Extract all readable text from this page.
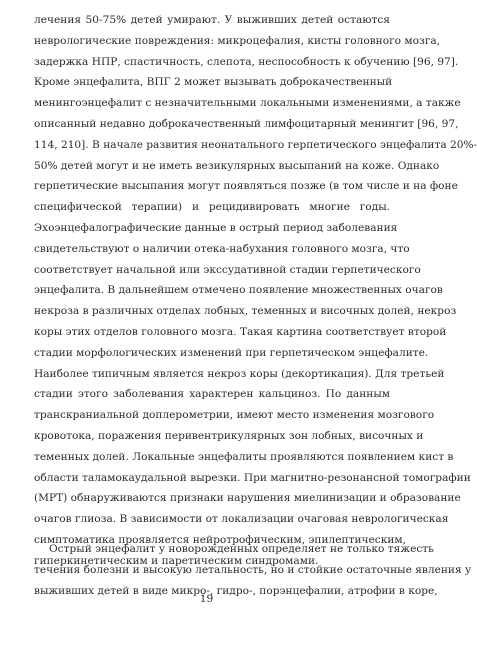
лечения 50-75% детей умирают. У выживших детей остаются
неврологические повреждения: микроцефалия, кисты головного мозга,
задержка НПР, спастичность, слепота, неспособность к обучению [96, 97].
Кроме энцефалита, ВПГ 2 может вызывать доброкачественный
менингоэнцефалит с незначительными локальными изменениями, а также
описанный недавно доброкачественный лимфоцитарный менингит [96, 97,
114, 210]. В начале развития неонатального герпетического энцефалита 20%-
50% детей могут и не иметь везикулярных высыпаний на коже. Однако
герпетические высыпания могут появляться позже (в том числе и на фоне
специфической терапии) и рецидивировать многие годы.
Эхоэнцефалографические данные в острый период заболевания
свидетельствуют о наличии отека-набухания головного мозга, что
соответствует начальной или экссудативной стадии герпетического
энцефалита. В дальнейшем отмечено появление множественных очагов
некроза в различных отделах лобных, теменных и височных долей, некроз
коры этих отделов головного мозга. Такая картина соответствует второй
стадии морфологических изменений при герпетическом энцефалите.
Наиболее типичным является некроз коры (декортикация). Для третьей
стадии этого заболевания характерен кальциноз. По данным
транскраниальной доплерометрии, имеют место изменения мозгового
кровотока, поражения перивентрикулярных зон лобных, височных и
теменных долей. Локальные энцефалиты проявляются появлением кист в
области таламокаудальной вырезки. При магнитно-резонансной томографии
(МРТ) обнаруживаются признаки нарушения миелинизации и образование
очагов глиоза. В зависимости от локализации очаговая неврологическая
симптоматика проявляется нейротрофическим, эпилептическим,
гиперкинетическим и паретическим синдромами.
Острый энцефалит у новорожденных определяет не только тяжесть
течения болезни и высокую летальность, но и стойкие остаточные явления у
выживших детей в виде микро-, гидро-, порэнцефалии, атрофии в коре,
19
